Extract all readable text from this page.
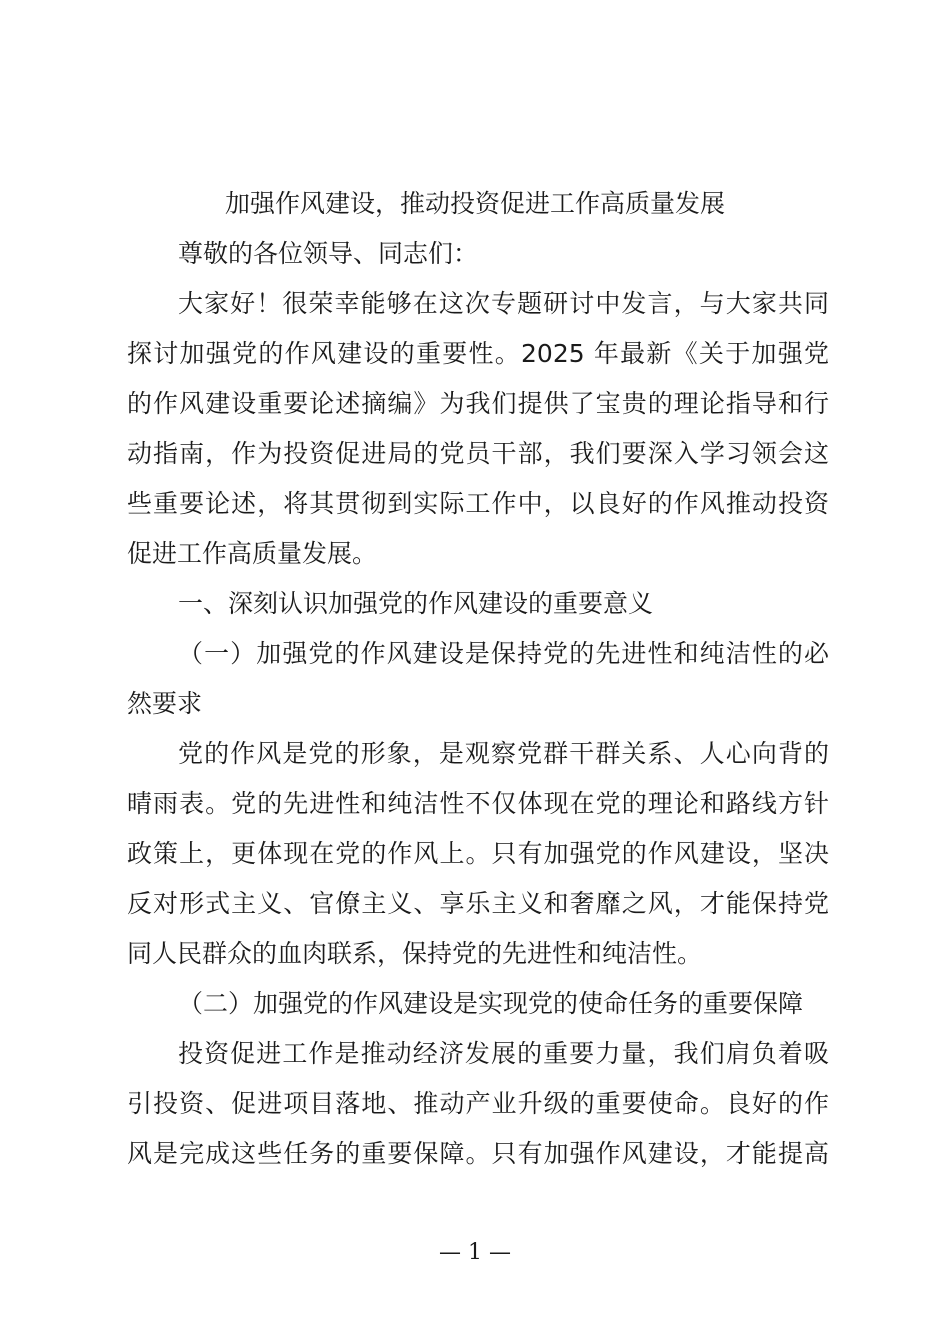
加强作风建设，推动投资促进工作高质量发展
尊敬的各位领导、同志们：
大家好！很荣幸能够在这次专题研讨中发言，与大家共同
探讨加强党的作风建设的重要性。2025 年最新《关于加强党
的作风建设重要论述摘编》为我们提供了宝贵的理论指导和行
动指南，作为投资促进局的党员干部，我们要深入学习领会这
些重要论述，将其贯彻到实际工作中，以良好的作风推动投资
促进工作高质量发展。
一、深刻认识加强党的作风建设的重要意义
（一）加强党的作风建设是保持党的先进性和纯洁性的必
然要求
党的作风是党的形象，是观察党群干群关系、人心向背的
晴雨表。党的先进性和纯洁性不仅体现在党的理论和路线方针
政策上，更体现在党的作风上。只有加强党的作风建设，坚决
反对形式主义、官僚主义、享乐主义和奢靡之风，才能保持党
同人民群众的血肉联系，保持党的先进性和纯洁性。
（二）加强党的作风建设是实现党的使命任务的重要保障
投资促进工作是推动经济发展的重要力量，我们肩负着吸
引投资、促进项目落地、推动产业升级的重要使命。良好的作
风是完成这些任务的重要保障。只有加强作风建设，才能提高
— 1 —
